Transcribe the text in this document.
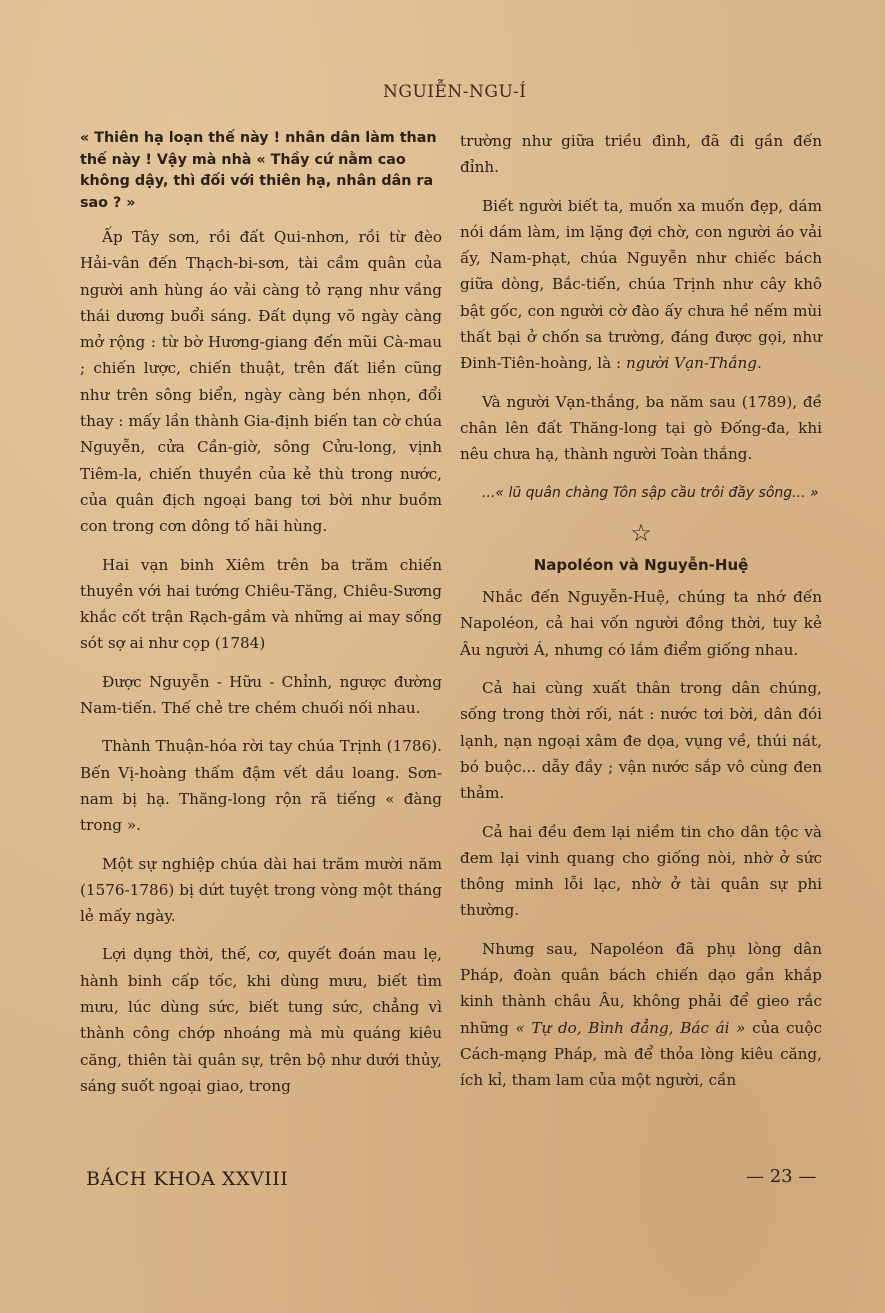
NGUIỄN-NGU-Í

« Thiên hạ loạn thế này ! nhân dân làm than thế này ! Vậy mà nhà « Thầy cứ nằm cao không dậy, thì đối với thiên hạ, nhân dân ra sao ? »

Ấp Tây sơn, rồi đất Qui-nhơn, rồi từ đèo Hải-vân đến Thạch-bi-sơn, tài cầm quân của người anh hùng áo vải càng tỏ rạng như vầng thái dương buổi sáng. Đất dụng võ ngày càng mở rộng : từ bờ Hương-giang đến mũi Cà-mau ; chiến lược, chiến thuật, trên đất liền cũng như trên sông biển, ngày càng bén nhọn, đổi thay : mấy lần thành Gia-định biến tan cờ chúa Nguyễn, cửa Cần-giờ, sông Cửu-long, vịnh Tiêm-la, chiến thuyền của kẻ thù trong nước, của quân địch ngoại bang tơi bời như buồm con trong cơn dông tố hãi hùng.

Hai vạn binh Xiêm trên ba trăm chiến thuyền với hai tướng Chiêu-Tăng, Chiêu-Sương khắc cốt trận Rạch-gầm và những ai may sống sót sợ ai như cọp (1784)

Được Nguyễn - Hữu - Chỉnh, ngược đường Nam-tiến. Thế chẻ tre chém chuối nối nhau.

Thành Thuận-hóa rời tay chúa Trịnh (1786). Bến Vị-hoàng thấm đậm vết dầu loang. Sơn-nam bị hạ. Thăng-long rộn rã tiếng « đàng trong ».

Một sự nghiệp chúa dài hai trăm mười năm (1576-1786) bị dứt tuyệt trong vòng một tháng lẻ mấy ngày.

Lợi dụng thời, thế, cơ, quyết đoán mau lẹ, hành binh cấp tốc, khi dùng mưu, biết tìm mưu, lúc dùng sức, biết tung sức, chẳng vì thành công chớp nhoáng mà mù quáng kiêu căng, thiên tài quân sự, trên bộ như dưới thủy, sáng suốt ngoại giao, trong

trường như giữa triều đình, đã đi gần đến đỉnh.

Biết người biết ta, muốn xa muốn đẹp, dám nói dám làm, im lặng đợi chờ, con người áo vải ấy, Nam-phạt, chúa Nguyễn như chiếc bách giữa dòng, Bắc-tiến, chúa Trịnh như cây khô bật gốc, con người cờ đào ấy chưa hề nếm mùi thất bại ở chốn sa trường, đáng được gọi, như Đinh-Tiên-hoàng, là : người Vạn-Thắng.

Và người Vạn-thắng, ba năm sau (1789), đề chân lên đất Thăng-long tại gò Đống-đa, khi nêu chưa hạ, thành người Toàn thắng.

...« lũ quân chàng Tôn sập cầu trôi đầy sông... »

☆
Napoléon và Nguyễn-Huệ

Nhắc đến Nguyễn-Huệ, chúng ta nhớ đến Napoléon, cả hai vốn người đồng thời, tuy kẻ Âu người Á, nhưng có lắm điểm giống nhau.

Cả hai cùng xuất thân trong dân chúng, sống trong thời rối, nát : nước tơi bời, dân đói lạnh, nạn ngoại xâm đe dọa, vụng về, thúi nát, bó buộc... dẫy đầy ; vận nước sắp vô cùng đen thảm.

Cả hai đều đem lại niềm tin cho dân tộc và đem lại vinh quang cho giống nòi, nhờ ở sức thông minh lỗi lạc, nhờ ở tài quân sự phi thường.

Nhưng sau, Napoléon đã phụ lòng dân Pháp, đoàn quân bách chiến dạo gần khắp kinh thành châu Âu, không phải để gieo rắc những « Tự do, Bình đẳng, Bác ái » của cuộc Cách-mạng Pháp, mà để thỏa lòng kiêu căng, ích kỉ, tham lam của một người, cần

BÁCH KHOA XXVIII	— 23 —
